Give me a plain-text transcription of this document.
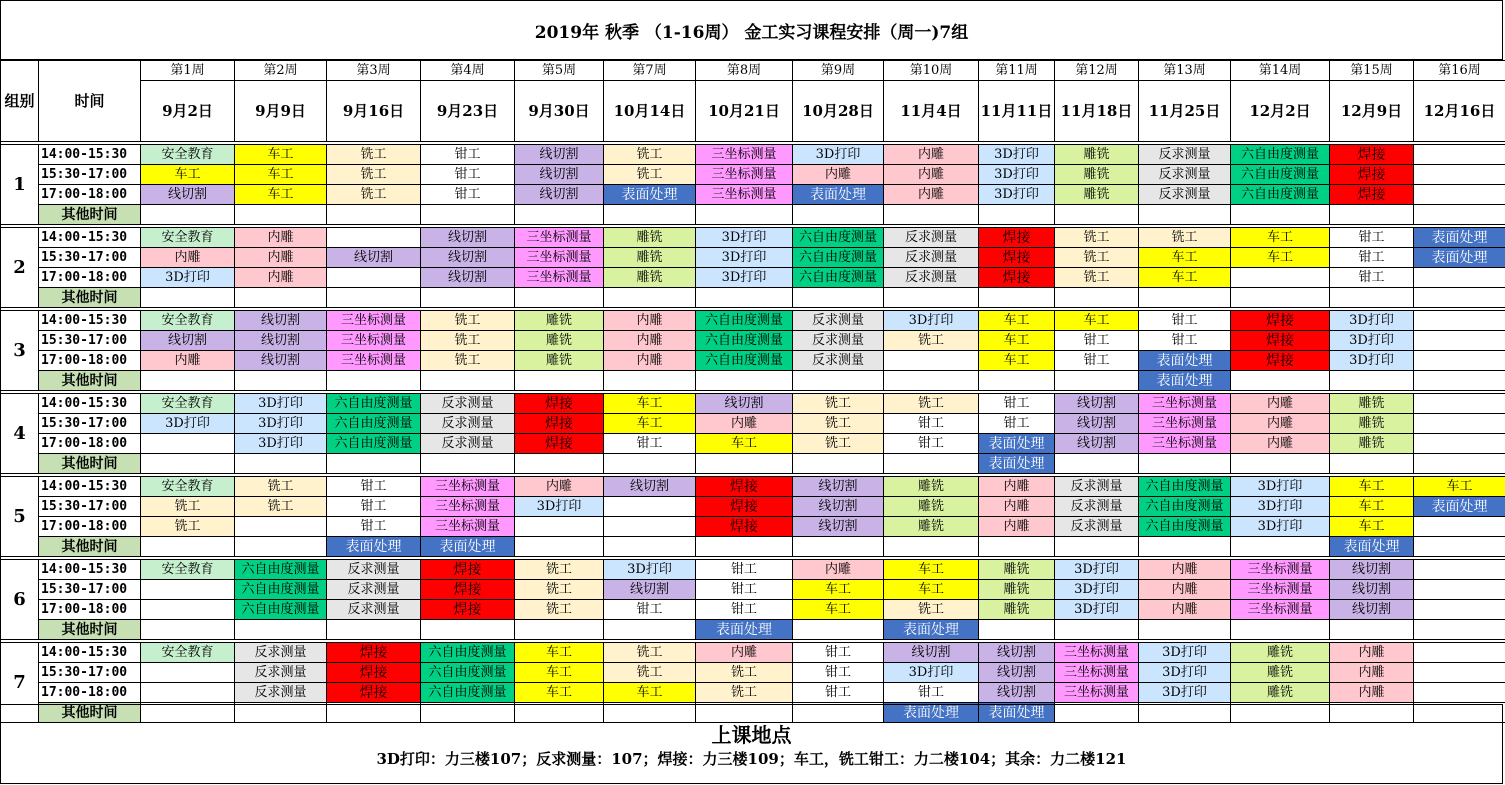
2019年 秋季 （1-16周） 金工实习课程安排（周一)7组
组别	时间	第1周	第2周	第3周	第4周	第5周	第7周	第8周	第9周	第10周	第11周	第12周	第13周	第14周	第15周	第16周
		9月2日	9月9日	9月16日	9月23日	9月30日	10月14日	10月21日	10月28日	11月4日	11月11日	11月18日	11月25日	12月2日	12月9日	12月16日

1	14:00-15:30	安全教育	车工	铣工	钳工	线切割	铣工	三坐标测量	3D打印	内雕	3D打印	雕铣	反求测量	六自由度测量	焊接	
	15:30-17:00	车工	车工	铣工	钳工	线切割	铣工	三坐标测量	内雕	内雕	3D打印	雕铣	反求测量	六自由度测量	焊接	
	17:00-18:00	线切割	车工	铣工	钳工	线切割	表面处理	三坐标测量	表面处理	内雕	3D打印	雕铣	反求测量	六自由度测量	焊接	
	其他时间															

2	14:00-15:30	安全教育	内雕		线切割	三坐标测量	雕铣	3D打印	六自由度测量	反求测量	焊接	铣工	铣工	车工	钳工	表面处理
	15:30-17:00	内雕	内雕	线切割	线切割	三坐标测量	雕铣	3D打印	六自由度测量	反求测量	焊接	铣工	车工	车工	钳工	表面处理
	17:00-18:00	3D打印	内雕		线切割	三坐标测量	雕铣	3D打印	六自由度测量	反求测量	焊接	铣工	车工		钳工	
	其他时间															

3	14:00-15:30	安全教育	线切割	三坐标测量	铣工	雕铣	内雕	六自由度测量	反求测量	3D打印	车工	车工	钳工	焊接	3D打印	
	15:30-17:00	线切割	线切割	三坐标测量	铣工	雕铣	内雕	六自由度测量	反求测量	铣工	车工	钳工	钳工	焊接	3D打印	
	17:00-18:00	内雕	线切割	三坐标测量	铣工	雕铣	内雕	六自由度测量	反求测量		车工	钳工	表面处理	焊接	3D打印	
	其他时间												表面处理			

4	14:00-15:30	安全教育	3D打印	六自由度测量	反求测量	焊接	车工	线切割	铣工	铣工	钳工	线切割	三坐标测量	内雕	雕铣	
	15:30-17:00	3D打印	3D打印	六自由度测量	反求测量	焊接	车工	内雕	铣工	钳工	钳工	线切割	三坐标测量	内雕	雕铣	
	17:00-18:00		3D打印	六自由度测量	反求测量	焊接	钳工	车工	铣工	钳工	表面处理	线切割	三坐标测量	内雕	雕铣	
	其他时间										表面处理					

5	14:00-15:30	安全教育	铣工	钳工	三坐标测量	内雕	线切割	焊接	线切割	雕铣	内雕	反求测量	六自由度测量	3D打印	车工	车工
	15:30-17:00	铣工	铣工	钳工	三坐标测量	3D打印		焊接	线切割	雕铣	内雕	反求测量	六自由度测量	3D打印	车工	表面处理
	17:00-18:00	铣工		钳工	三坐标测量			焊接	线切割	雕铣	内雕	反求测量	六自由度测量	3D打印	车工	
	其他时间			表面处理	表面处理										表面处理	

6	14:00-15:30	安全教育	六自由度测量	反求测量	焊接	铣工	3D打印	钳工	内雕	车工	雕铣	3D打印	内雕	三坐标测量	线切割	
	15:30-17:00		六自由度测量	反求测量	焊接	铣工	线切割	钳工	车工	车工	雕铣	3D打印	内雕	三坐标测量	线切割	
	17:00-18:00		六自由度测量	反求测量	焊接	铣工	钳工	钳工	车工	铣工	雕铣	3D打印	内雕	三坐标测量	线切割	
	其他时间							表面处理		表面处理						

7	14:00-15:30	安全教育	反求测量	焊接	六自由度测量	车工	铣工	内雕	钳工	线切割	线切割	三坐标测量	3D打印	雕铣	内雕	
	15:30-17:00		反求测量	焊接	六自由度测量	车工	铣工	铣工	钳工	3D打印	线切割	三坐标测量	3D打印	雕铣	内雕	
	17:00-18:00		反求测量	焊接	六自由度测量	车工	车工	铣工	钳工	钳工	线切割	三坐标测量	3D打印	雕铣	内雕	
	其他时间									表面处理	表面处理					
上课地点
3D打印：力三楼107；反求测量：107；焊接：力三楼109；车工，铣工钳工：力二楼104；其余：力二楼121
